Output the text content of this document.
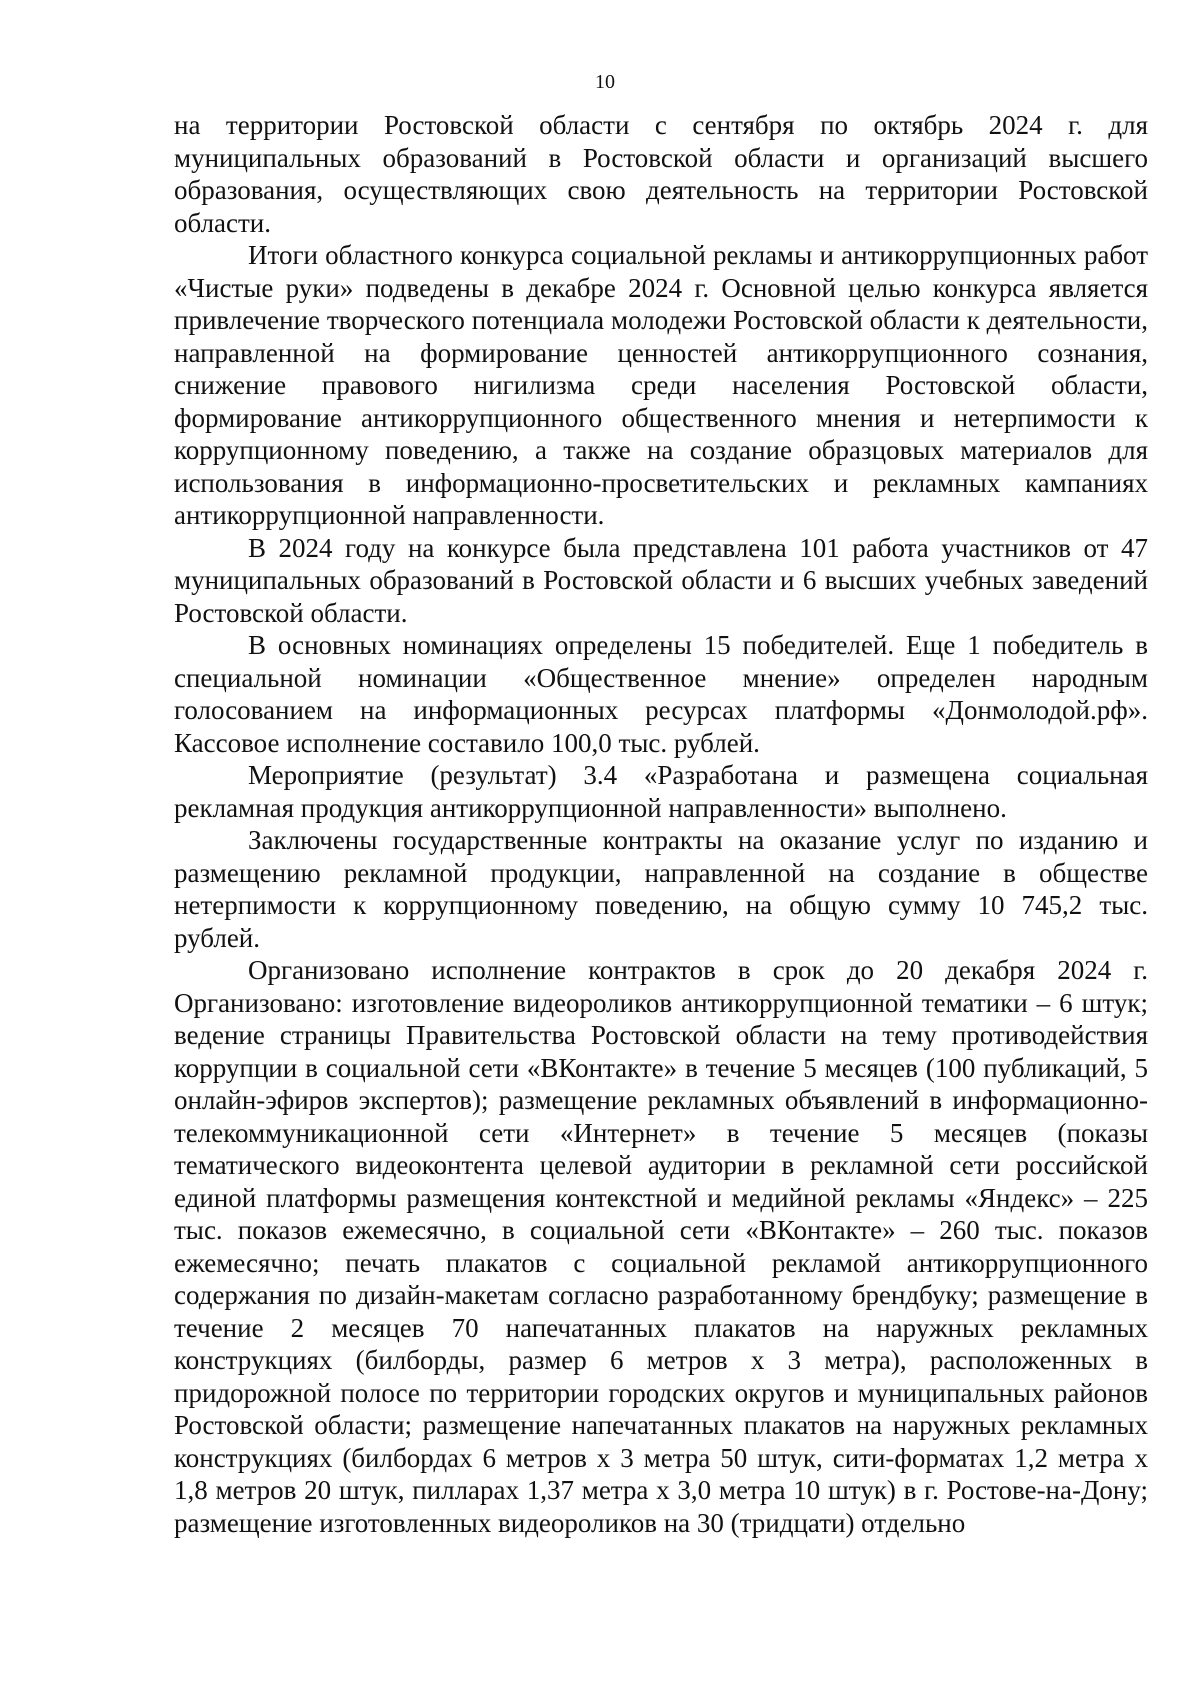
10

на территории Ростовской области с сентября по октябрь 2024 г. для муниципальных образований в Ростовской области и организаций высшего образования, осуществляющих свою деятельность на территории Ростовской области.

Итоги областного конкурса социальной рекламы и антикоррупционных работ «Чистые руки» подведены в декабре 2024 г. Основной целью конкурса является привлечение творческого потенциала молодежи Ростовской области к деятельности, направленной на формирование ценностей антикоррупционного сознания, снижение правового нигилизма среди населения Ростовской области, формирование антикоррупционного общественного мнения и нетерпимости к коррупционному поведению, а также на создание образцовых материалов для использования в информационно-просветительских и рекламных кампаниях антикоррупционной направленности.

В 2024 году на конкурсе была представлена 101 работа участников от 47 муниципальных образований в Ростовской области и 6 высших учебных заведений Ростовской области.

В основных номинациях определены 15 победителей. Еще 1 победитель в специальной номинации «Общественное мнение» определен народным голосованием на информационных ресурсах платформы «Донмолодой.рф». Кассовое исполнение составило 100,0 тыс. рублей.

Мероприятие (результат) 3.4 «Разработана и размещена социальная рекламная продукция антикоррупционной направленности» выполнено.

Заключены государственные контракты на оказание услуг по изданию и размещению рекламной продукции, направленной на создание в обществе нетерпимости к коррупционному поведению, на общую сумму 10 745,2 тыс. рублей.

Организовано исполнение контрактов в срок до 20 декабря 2024 г. Организовано: изготовление видеороликов антикоррупционной тематики – 6 штук; ведение страницы Правительства Ростовской области на тему противодействия коррупции в социальной сети «ВКонтакте» в течение 5 месяцев (100 публикаций, 5 онлайн-эфиров экспертов); размещение рекламных объявлений в информационно-телекоммуникационной сети «Интернет» в течение 5 месяцев (показы тематического видеоконтента целевой аудитории в рекламной сети российской единой платформы размещения контекстной и медийной рекламы «Яндекс» – 225 тыс. показов ежемесячно, в социальной сети «ВКонтакте» – 260 тыс. показов ежемесячно; печать плакатов с социальной рекламой антикоррупционного содержания по дизайн-макетам согласно разработанному брендбуку; размещение в течение 2 месяцев 70 напечатанных плакатов на наружных рекламных конструкциях (билборды, размер 6 метров х 3 метра), расположенных в придорожной полосе по территории городских округов и муниципальных районов Ростовской области; размещение напечатанных плакатов на наружных рекламных конструкциях (билбордах 6 метров х 3 метра 50 штук, сити-форматах 1,2 метра х 1,8 метров 20 штук, пилларах 1,37 метра х 3,0 метра 10 штук) в г. Ростове-на-Дону; размещение изготовленных видеороликов на 30 (тридцати) отдельно
